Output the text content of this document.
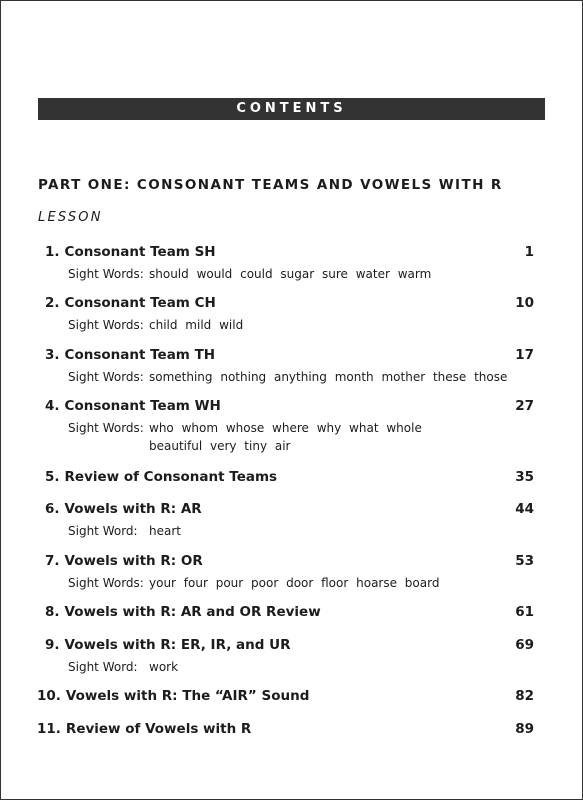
CONTENTS
PART ONE: CONSONANT TEAMS AND VOWELS WITH R
LESSON
1. Consonant Team SH	1
Sight Words: should would could sugar sure water warm
2. Consonant Team CH	10
Sight Words: child mild wild
3. Consonant Team TH	17
Sight Words: something nothing anything month mother these those
4. Consonant Team WH	27
Sight Words: who whom whose where why what whole
beautiful very tiny air
5. Review of Consonant Teams	35
6. Vowels with R: AR	44
Sight Word: heart
7. Vowels with R: OR	53
Sight Words: your four pour poor door floor hoarse board
8. Vowels with R: AR and OR Review	61
9. Vowels with R: ER, IR, and UR	69
Sight Word: work
10. Vowels with R: The “AIR” Sound	82
11. Review of Vowels with R	89
